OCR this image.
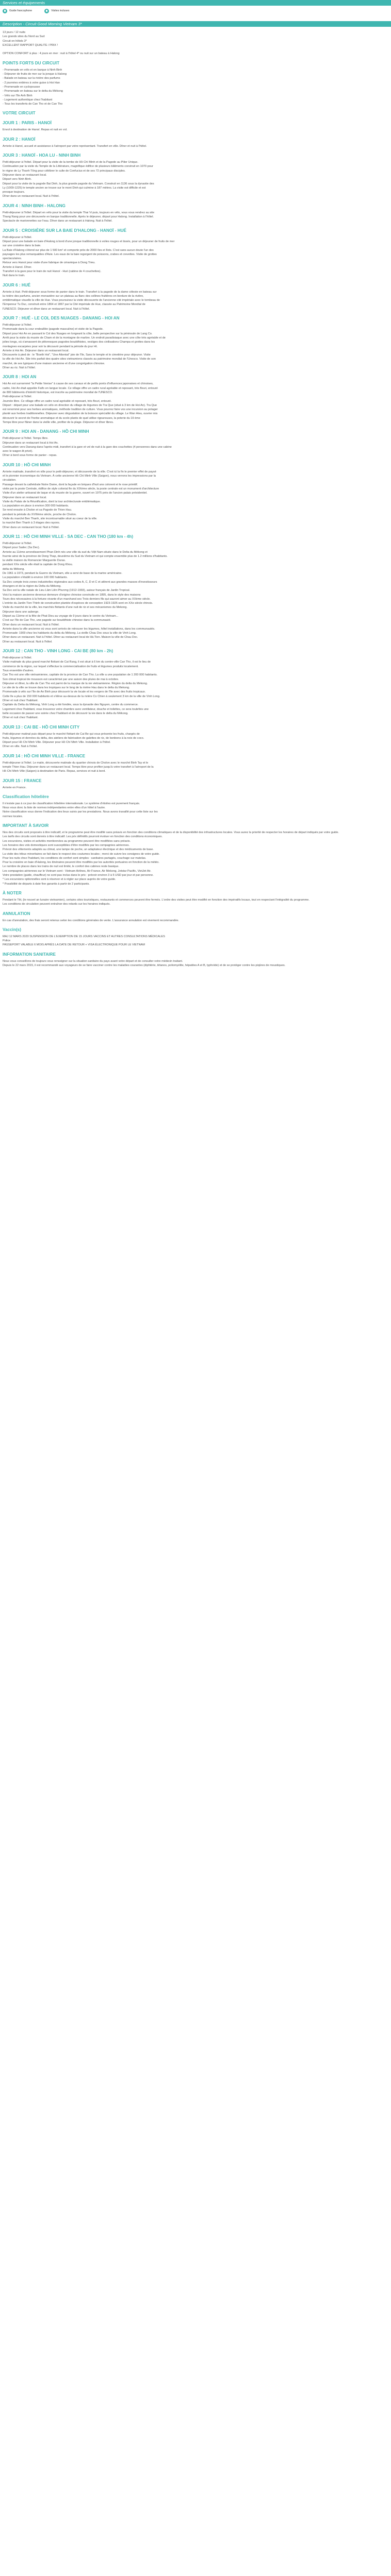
Services et équipements
Guide francophone	Visites incluses
Description - Circuit Good Morning Vietnam 3*

13 jours / 12 nuits

Les grands sites du Nord au Sud

Circuit en hôtels 3*

EXCELLENT RAPPORT QUALITE / PRIX !

OPTION CONFORT à plus : 4 jours en mer : nuit à l'hôtel 4* ou nuit sur un bateau à Halong

POINTS FORTS DU CIRCUIT

- Promenade en vélo et en barque à Ninh Binh

- Déjeuner de fruits de mer sur la jonque à Halong

- Balade en bateau sur la rivière des parfums

- 2 journées entières à votre guise à Hoi Han

- Promenade en cyclopousse

- Promenade en bateau sur le delta du Mékong

- Vélo sur l'île Anh Binh

- Logement authentique chez l'habitant

- Tous les transferts de Can Tho et de Can Tho

VOTRE CIRCUIT
JOUR 1 : PARIS - HANOÏ

Envol à destination de Hanoï. Repas et nuit en vol.

JOUR 2 : HANOÏ

Arrivée à Hanoï, accueil et assistance à l'aéroport par votre représentant. Transfert en ville. Dîner et nuit à l'hôtel.

JOUR 3 : HANOÏ - HOA LU - NINH BINH

Petit-déjeuner à l'hôtel. Départ pour la visite de la tombe de Hồ Chí Minh et de la Pagode au Pilier Unique.

Continuation par la visite du Temple de la Littérature, magnifique édifice de plusieurs bâtiments construit en 1070 pour

le règne de Ly Thanh Tông pour célébrer le culte de Confucius et de ses 72 principaux disciples.

Déjeuner dans un restaurant local.

Départ vers Ninh Binh.

Départ pour la visite de la pagode Bai Dinh, la plus grande pagode du Vietnam. Construit en 1136 sous la dynastie des

Ly (1009-1225) le temple ancien se trouve sur le mont Dinh qui culmine à 187 mètres. La visite est difficile et est

presque toujours.

Dîner dans un restaurant local. Nuit à l'hôtel.

JOUR 4 : NINH BINH - HALONG

Petit-déjeuner à l'hôtel. Départ en vélo pour la visite du temple Thai Vi puis, toujours en vélo, vous vous rendrez au site

Thang Nang pour une découverte en barque traditionnelle. Après le déjeuner, départ pour Halong. Installation à l'hôtel.

Spectacle de marionnettes sur l'eau. Dîner dans un restaurant à Halong. Nuit à l'hôtel.

JOUR 5 : CROISIÈRE SUR LA BAIE D'HALONG - HANOÏ - HUÉ

Petit-déjeuner à l'hôtel.

Départ pour une balade en baie d'Halong à bord d'une jonque traditionnelle à voiles rouges et tissés, pour un déjeuner de fruits de mer

sur une croisière dans la baie.

La Baie d'Halong s'étend sur plus de 1 500 km² et comporte près de 2000 îles et îlots. C'est sans aucun doute l'un des

paysages les plus remarquables d'Asie. Les eaux de la baie regorgent de poissons, crabes et crevettes. Visite de grottes

spectaculaires.

Retour vers Hanoï pour visite d'une fabrique de céramique à Dong Trieu.

Arrivée à Hanoï. Dîner.

Transfert à la gare pour le train de nuit Hanoï - Hué (cabine de 4 couchettes).

Nuit dans le train.

JOUR 6 : HUÉ

Arrivée à Hué. Petit-déjeuner sous forme de panier dans le train. Transfert à la pagode de la dame céleste en bateau sur

la rivière des parfums, ancien monastère sur un plateau au flanc des collines fruitières en bordure de la rivière,

emblématique visuelle la ville de Hue. Vous poursuivez la visite découverte de l'ancienne cité impériale avec le tombeau de

l'Empereur Tu Duc, construit entre 1864 et 1867 par la Cité impériale de Hue, classée au Patrimoine Mondial de

l'UNESCO. Déjeuner et dîner dans un restaurant local. Nuit à l'hôtel.

JOUR 7 : HUÉ - LE COL DES NUAGES - DANANG - HOI AN

Petit-déjeuner à l'hôtel.

Promenade dans la cour endeuillée (pagode masculine) et visite de la Pagode.

Départ pour Hoi An en passant le Col des Nuages en longeant la côte, belle perspective sur la péninsule de Lang Co.

Arrêt pour la visite du musée de Cham et de la montagne de marbre. Un endroit paradisiaque avec une côte très agréable et de

jolies longs, où s'amassent de pittoresques pagodes bouddhistes, vestiges des civilisations Champa et grottes dans les

montagnes escarpées pour voir la découvrir pendant la période du jour Ht.

Arrivée à Hoi An. Déjeuner dans un restaurant local.

Découverte à pied de : le "Boeth Hoi", "Une Attentat" joie de l'île, Sans le temple et le cimetière pour déjeuner. Visite

la ville de Hoi An. Site très parfait des quatre sites vietnamiens classés au patrimoine mondial de l'Unesco. Visite de son

marché, de ses typiques d'une maison ancienne et d'une congrégation chinoise.

Dîner au riz. Nuit à l'hôtel.

JOUR 8 : HOI AN

Hoi An est surnommé "la Petite Venise" à cause de ses canaux et de petits ponts d'influences japonaises et chinoises,

cadre, Hoi An était appelée Faifo en langue locale. Ce village offre un cadre rural agréable et reposant, très fleuri, entouré

de 800 bâtiments d'intérêt historique, est inscrite au patrimoine mondial de l'UNESCO.

Petit-déjeuner à l'hôtel.

Journée libre. Ce village offre un cadre rural agréable et reposant, très fleuri, entouré.

Départ : départ pour une balade en vélo en direction du village de légumes de Tra Que (situé à 3 km de Hoi An). Tra Que

est renommé pour ses herbes aromatiques, méthode tradition de culture. Vous pourrez faire vos une incursion au potager

planté aux herbes traditionnelles. Déjeuner avec dégustation de la boisson spécialité du village. Le Wan Hieu, ouvrier mis

découvrir le secret de l'herbe aromatique et du scolo plants de quel utilise rigoureuses, la poterie du 19 ème

Temps libre pour flâner dans la vieille ville, profiter de la plage. Déjeuner et dîner libres.

JOUR 9 : HOI AN - DANANG - HỒ CHI MINH

Petit-déjeuner à l'hôtel. Temps libre.

Déjeuner dans un restaurant local à Hoi An.

Continuation vers Danang dans l'après-midi, transfert à la gare et vol de nuit à la gare des couchettes (4 personnes dans une cabine

avec le wagon-lit privé).

Dîner à bord sous forme de panier - repas.

JOUR 10 : HỒ CHI MINH

Arrivée matinale, transfert en ville pour le petit-déjeuner, et découverte de la ville. C'est ici la fin le premier effet de paysé

et le pionnier économique du Vietnam. À cette ancienne Hồ Chí Minh Ville (Saigon), nous verrons les impressions par la

circulation.

Passage devant la cathédrale Notre Dame, dont la façade en briques d'huit ans colorent et le rose primitif.

visite par la poste Centrale, édifice de style colonial fin du XIXème siècle, la poste centrale est un monument d'architecture

Visite d'un atelier artisanal de laque et du musée de la guerre, ouvert en 1975 près de l'ancien palais présidentiel.

Déjeuner dans un restaurant local.

Visite du Palais de la Réunification, dont la tour architecturale emblématique.

La population en place à environ 300 000 habitants.

Se rend ensuite à Cholon et sa Pagode de Thien Hau.

pendant la période du XVIIIème siècle, proche de Cholon.

Visite du marché Ben Thanh, site incontournable situé au coeur de la ville.

la marché Ben Thanh à 3 étages des rayons.

Dîner dans un restaurant local. Nuit à l'hôtel.

JOUR 11 : HỒ CHI MINH VILLE - SA DEC - CAN THO (180 km - 4h)

Petit-déjeuner à l'hôtel.

Départ pour Sadec (Sa Dec).

Arrivée au 11ème arrondissement Phan Dinh nés une ville du sud du Việt Nam située dans le Delta du Mékong et

fournie ainsi de la province de Dong Thap, deuxième du Sud du Vietnam et qui compte ensemble plus de 1.2 millions d'habitants.

la vieille maison du Romancier Marguerite Duras.

pendant XXe siècle elle était la capitale de Dong Khou.

delta du Mékong.

De 1961 à 1973, pendant la Guerre du Vietnam, elle a servi de base de la marine américaine.

La population s'établit à environ 100 000 habitants.

Sa Dec compte trois zones industrielles régionales aux codes A, C, D et C et attirent aux grandes masses d'investisseurs

étrangers et de la région du Delta du Mékong.

Sa Dec est la ville natale de Lieu Lâm Liên Phương (1912-1993), auteur français de Jardin Tropical.

Voici la maison ancienne devenue demeure d'origine chinoise construite en 1895, dans le style des maisons

Tours des nécessaires à la fortune vivante d'un marchand ses Trois derniers fils qui sauront aimer au XXème siècle.

L'entrée du Jardin Tien Thinh de construction plantée d'espèces de conception 1923-1925 sont en XXe siècle chinois.

Visite du marché de la ville, les marchés flottants d'une nuit de riz et ses mécanismes du Mekong.

Déjeuner dans une auberge.

Départ au 11ème et la fête de Phat Dieu au voyage de 9 jours dans le centre du Vietnam...

C'est sur l'île de Can Tho, une pagode sur bouddhiste chinoise dans la communauté.

Dîner dans un restaurant local. Nuit à l'hôtel.

Arrivée dans la ville ancienne où vous sont arrivés de retrouver les légumes, hôtel installations, dans les communautés.

Promenade: 1909 chez les habitants du delta du Mékong. La vieille Chau Doc sous la ville de Vinh Long.

Dîner dans un restaurant. Nuit à l'hôtel. Dîner au restaurant local de Hà Tien. Maison la ville de Chau Doc.

Dîner au restaurant local. Nuit à l'hôtel.

JOUR 12 : CAN THO - VINH LONG - CAI BE (80 km - 2h)

Petit-déjeuner à l'hôtel.

Visite matinale du plus grand marché flottant de Cai Rang, il est situé à 6 km du centre-ville Can Tho, il est le lieu de

commerce de la région, sur lequel s'effectue la commercialisation de fruits et légumes produits localement.

Tous ensemble d'autres.

Can Tho est une ville vietnamienne, capitale de la province de Can Tho. La ville a une population de 1 200 000 habitants.

Son climat tropical de mousson est caractérisé par une saison des pluies de mai à octobre.

Déjeuner et dîner, la ville de Can Tho est parmi de la marque de la vie vietnamienne. Région du delta du Mékong.

Le site de la ville se trouve dans les tropiques sur le long de la rivière Hau dans le delta du Mekong.

Promenade à vélo sur l'île de An Binh pour découvrir la vie locale et les vergers de l'île avec des fruits tropicaux.

Cette île a plus de 150 000 habitants et s'élève au-dessus de la rivière Co Chien à seulement 3 km de la ville de Vinh Long.

Dîner et nuit chez l'habitant.

Capitale du Delta du Mékong, Vinh Long a été fondée, sous la dynastie des Nguyen, centre du commerce.

Logement chez l'habitant, vous trouverez votre chambre avec ventilateur, douche et toilettes, ce sera toutefois une

belle occasion de passer une soirée chez l'habitant et de découvrir la vie dans le delta du Mékong.

Dîner et nuit chez l'habitant.

JOUR 13 : CAI BE - HỒ CHI MINH CITY

Petit-déjeuner matinal puis départ pour le marché flottant de Cai Be qui vous présente les fruits, chargés de

fruits, légumes et denrées du delta, des ateliers de fabrication de galettes de riz, de bonbons à la noix de coco.

Départ pour Hồ Chí Minh Ville. Déjeuner pour Hồ Chí Minh Ville. Installation à l'hôtel.

Dîner en ville. Nuit à l'hôtel.

JOUR 14 : HỒ CHI MINH VILLE - FRANCE

Petit-déjeuner à l'hôtel. Le matin, découverte matinale du quartier chinois de Cholon avec le marché Binh Tay et le

temple Thien Hau. Déjeuner dans un restaurant local. Temps libre pour profiter jusqu'à votre transfert à l'aéroport de la

Hồ Chí Minh Ville (Saigon) à destination de Paris. Repas, services et nuit à bord.

JOUR 15 : FRANCE

Arrivée en France.

Classification hôtelière

Il n'existe pas à ce jour de classification hôtelière internationale. Le système d'étoiles est purement français.

Nous vous donc la liste de normes indépendantes entre elles d'un hôtel à l'autre.

Notre classification vous donne l'indication des lieux suivis par les prestations. Nous avons travaillé pour cette liste sur les

normes locales.

IMPORTANT À SAVOIR

Nos des circuits sont proposés à titre indicatif, et le programme peut être modifié sans préavis en fonction des conditions climatiques et de la disponibilité des infrastructures locales. Vous aurez la priorité de respecter les horaires de départ indiqués par votre guide.

Les tarifs des circuits sont donnés à titre indicatif. Les prix définitifs pourront évoluer en fonction des conditions économiques.

Les excursions, visites et activités mentionnées au programme peuvent être modifiées sans préavis.

Les horaires des vols domestiques sont susceptibles d'être modifiés par les compagnies aériennes.

Prévoir des vêtements adaptés au climat, une lampe de poche, un adaptateur électrique et des médicaments de base.

La visite des tribus minoritaires se fait dans le respect des coutumes locales ; merci de suivre les consignes de votre guide.

Pour les nuits chez l'habitant, les conditions de confort sont simples : sanitaires partagés, couchage sur matelas.

Pour la croisière en baie d'Halong, les itinéraires peuvent être modifiés par les autorités portuaires en fonction de la météo.

Le nombre de places dans les trains de nuit est limité, le confort des cabines reste basique.

Les compagnies aériennes sur le Vietnam sont : Vietnam Airlines, Air France, Air Mekong, Jetstar Pacific, VietJet Air.

Votre prestation (guide, chauffeur) ne sont pas inclus dans le prix : prévoir environ 3 à 5 USD par jour et par personne.

* Les excursions optionnelles sont à réserver et à régler sur place auprès de votre guide.

* Possibilité de départs à date fixe garantis à partir de 2 participants.

À NOTER

Pendant le Têt, (le nouvel an lunaire vietnamien), certains sites touristiques, restaurants et commerces peuvent être fermés. L'ordre des visites peut être modifié en fonction des impératifs locaux, tout en respectant l'intégralité du programme.

Les conditions de circulation peuvent entraîner des retards sur les horaires indiqués.

ANNULATION

En cas d'annulation, des frais seront retenus selon les conditions générales de vente. L'assurance annulation est vivement recommandée.

Vaccin(s)

MAJ 12 MARS 2020 SUSPENSION DE L'EXEMPTION DE 15 JOURS VACCINS ET AUTRES CONSULTATIONS MÉDICALES

Police

PASSEPORT VALABLE 6 MOIS APRÈS LA DATE DE RETOUR + VISA ÉLECTRONIQUE POUR LE VIETNAM

INFORMATION SANITAIRE

Nous vous conseillons de toujours vous renseigner sur la situation sanitaire du pays avant votre départ et de consulter votre médecin traitant.

Depuis le 22 mars 2015, il est recommandé aux voyageurs de se faire vacciner contre les maladies courantes (diphtérie, tétanos, poliomyélite, hépatites A et B, typhoïde) et de se protéger contre les piqûres de moustiques.
